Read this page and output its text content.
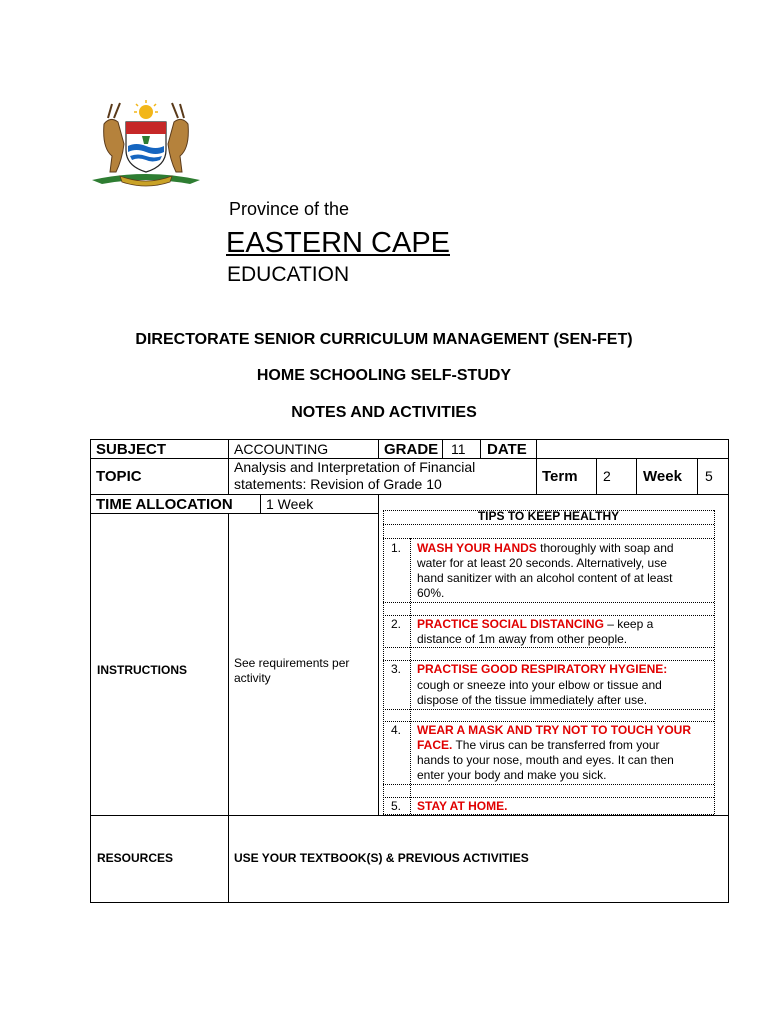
Province of the
EASTERN CAPE
EDUCATION
DIRECTORATE SENIOR CURRICULUM MANAGEMENT (SEN-FET)
HOME SCHOOLING SELF-STUDY
NOTES AND ACTIVITIES
SUBJECT	ACCOUNTING	GRADE 11 DATE
TOPIC
Analysis and Interpretation of Financial
statements: Revision of Grade 10	Term 2 Week 5
TIME ALLOCATION 1 Week
INSTRUCTIONS	See requirements per
activity
RESOURCES	USE YOUR TEXTBOOK(S) & PREVIOUS ACTIVITIES
TIPS TO KEEP HEALTHY
1. WASH YOUR HANDS thoroughly with soap and
water for at least 20 seconds. Alternatively, use
hand sanitizer with an alcohol content of at least
60%.
2. PRACTICE SOCIAL DISTANCING – keep a
distance of 1m away from other people.
3. PRACTISE GOOD RESPIRATORY HYGIENE:
cough or sneeze into your elbow or tissue and
dispose of the tissue immediately after use.
4. WEAR A MASK AND TRY NOT TO TOUCH YOUR
FACE. The virus can be transferred from your
hands to your nose, mouth and eyes. It can then
enter your body and make you sick.
5. STAY AT HOME.
